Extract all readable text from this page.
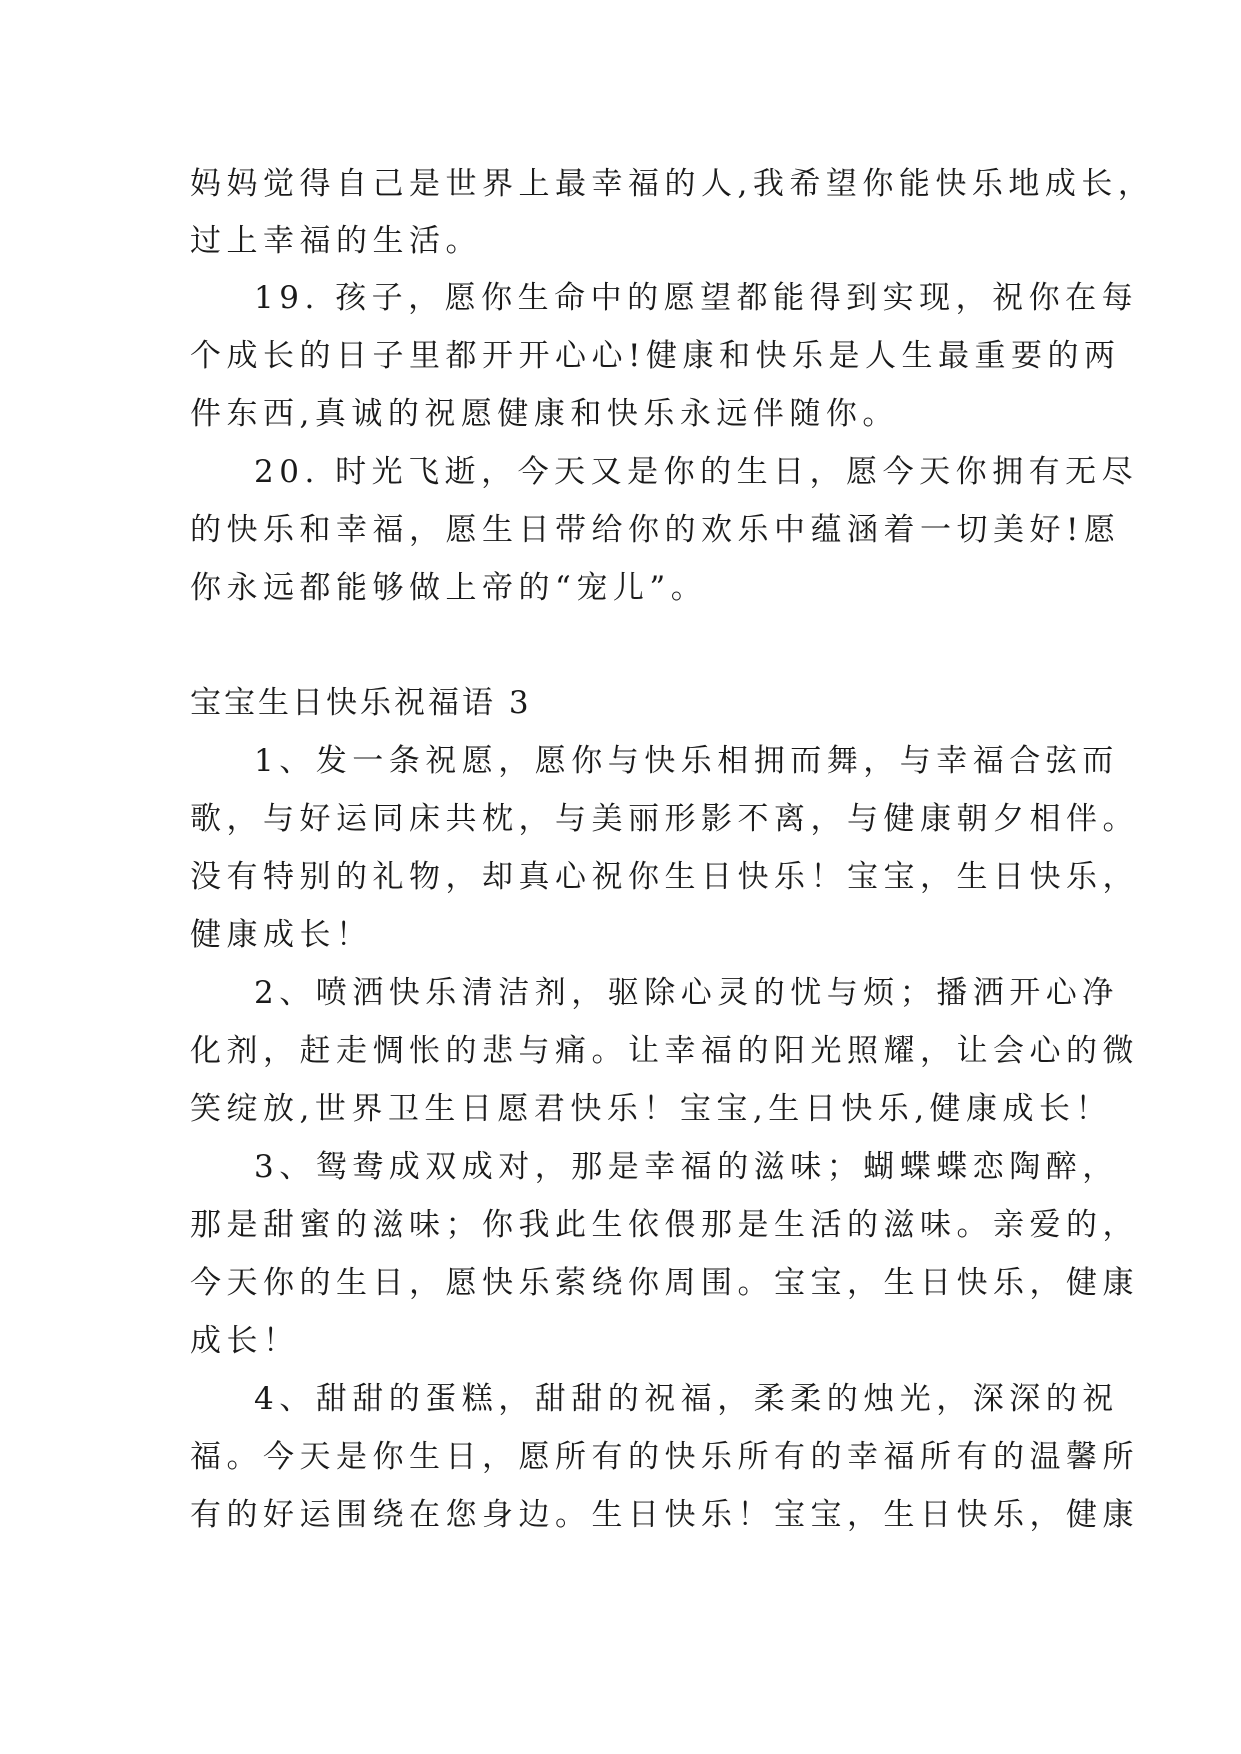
妈妈觉得自己是世界上最幸福的人,我希望你能快乐地成长，
过上幸福的生活。
19. 孩子，愿你生命中的愿望都能得到实现，祝你在每
个成长的日子里都开开心心!健康和快乐是人生最重要的两
件东西,真诚的祝愿健康和快乐永远伴随你。
20. 时光飞逝，今天又是你的生日，愿今天你拥有无尽
的快乐和幸福，愿生日带给你的欢乐中蕴涵着一切美好!愿
你永远都能够做上帝的“宠儿”。
宝宝生日快乐祝福语 3
1、发一条祝愿，愿你与快乐相拥而舞，与幸福合弦而
歌，与好运同床共枕，与美丽形影不离，与健康朝夕相伴。
没有特别的礼物，却真心祝你生日快乐！宝宝，生日快乐，
健康成长！
2、喷洒快乐清洁剂，驱除心灵的忧与烦；播洒开心净
化剂，赶走惆怅的悲与痛。让幸福的阳光照耀，让会心的微
笑绽放,世界卫生日愿君快乐！宝宝,生日快乐,健康成长！
3、鸳鸯成双成对，那是幸福的滋味；蝴蝶蝶恋陶醉，
那是甜蜜的滋味；你我此生依偎那是生活的滋味。亲爱的，
今天你的生日，愿快乐萦绕你周围。宝宝，生日快乐，健康
成长！
4、甜甜的蛋糕，甜甜的祝福，柔柔的烛光，深深的祝
福。今天是你生日，愿所有的快乐所有的幸福所有的温馨所
有的好运围绕在您身边。生日快乐！宝宝，生日快乐，健康
